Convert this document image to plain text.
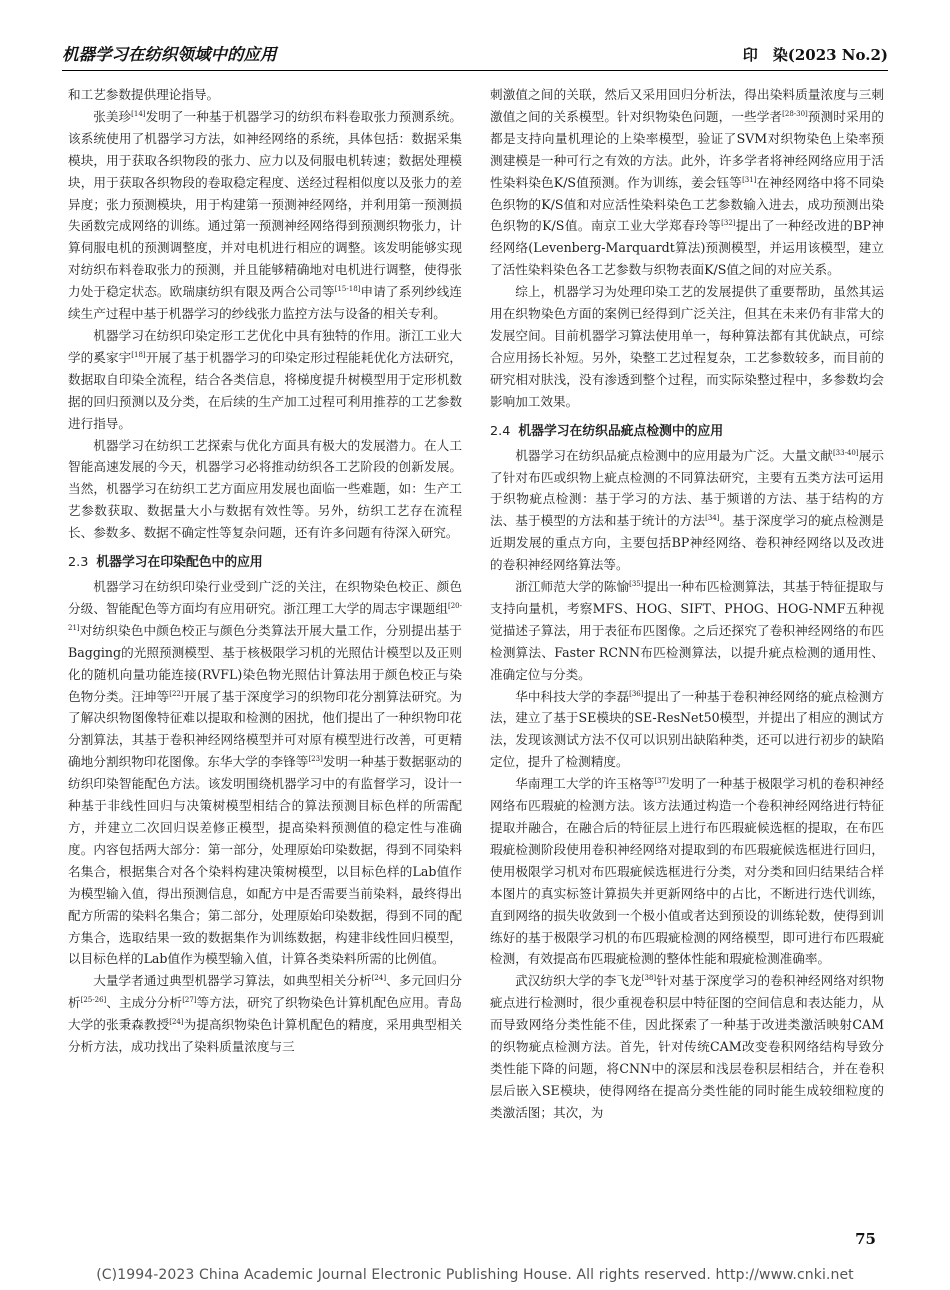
机器学习在纺织领域中的应用	印　染(2023 No.2)

和工艺参数提供理论指导。

张美珍[14]发明了一种基于机器学习的纺织布料卷取张力预测系统。该系统使用了机器学习方法，如神经网络的系统，具体包括：数据采集模块，用于获取各织物段的张力、应力以及伺服电机转速；数据处理模块，用于获取各织物段的卷取稳定程度、送经过程相似度以及张力的差异度；张力预测模块，用于构建第一预测神经网络，并利用第一预测损失函数完成网络的训练。通过第一预测神经网络得到预测织物张力，计算伺服电机的预测调整度，并对电机进行相应的调整。该发明能够实现对纺织布料卷取张力的预测，并且能够精确地对电机进行调整，使得张力处于稳定状态。欧瑞康纺织有限及两合公司等[15-18]申请了系列纱线连续生产过程中基于机器学习的纱线张力监控方法与设备的相关专利。

机器学习在纺织印染定形工艺优化中具有独特的作用。浙江工业大学的奚家宇[18]开展了基于机器学习的印染定形过程能耗优化方法研究，数据取自印染全流程，结合各类信息，将梯度提升树模型用于定形机数据的回归预测以及分类，在后续的生产加工过程可利用推荐的工艺参数进行指导。

机器学习在纺织工艺探索与优化方面具有极大的发展潜力。在人工智能高速发展的今天，机器学习必将推动纺织各工艺阶段的创新发展。当然，机器学习在纺织工艺方面应用发展也面临一些难题，如：生产工艺参数获取、数据量大小与数据有效性等。另外，纺织工艺存在流程长、参数多、数据不确定性等复杂问题，还有许多问题有待深入研究。

2.3 机器学习在印染配色中的应用

机器学习在纺织印染行业受到广泛的关注，在织物染色校正、颜色分级、智能配色等方面均有应用研究。浙江理工大学的周志宇课题组[20-21]对纺织染色中颜色校正与颜色分类算法开展大量工作，分别提出基于Bagging的光照预测模型、基于核极限学习机的光照估计模型以及正则化的随机向量功能连接(RVFL)染色物光照估计算法用于颜色校正与染色物分类。汪坤等[22]开展了基于深度学习的织物印花分割算法研究。为了解决织物图像特征难以提取和检测的困扰，他们提出了一种织物印花分割算法，其基于卷积神经网络模型并可对原有模型进行改善，可更精确地分割织物印花图像。东华大学的李锋等[23]发明一种基于数据驱动的纺织印染智能配色方法。该发明围绕机器学习中的有监督学习，设计一种基于非线性回归与决策树模型相结合的算法预测目标色样的所需配方，并建立二次回归误差修正模型，提高染料预测值的稳定性与准确度。内容包括两大部分：第一部分，处理原始印染数据，得到不同染料名集合，根据集合对各个染料构建决策树模型，以目标色样的Lab值作为模型输入值，得出预测信息，如配方中是否需要当前染料，最终得出配方所需的染料名集合；第二部分，处理原始印染数据，得到不同的配方集合，选取结果一致的数据集作为训练数据，构建非线性回归模型，以目标色样的Lab值作为模型输入值，计算各类染料所需的比例值。

大量学者通过典型机器学习算法，如典型相关分析[24]、多元回归分析[25-26]、主成分分析[27]等方法，研究了织物染色计算机配色应用。青岛大学的张秉森教授[24]为提高织物染色计算机配色的精度，采用典型相关分析方法，成功找出了染料质量浓度与三

刺激值之间的关联，然后又采用回归分析法，得出染料质量浓度与三刺激值之间的关系模型。针对织物染色问题，一些学者[28-30]预测时采用的都是支持向量机理论的上染率模型，验证了SVM对织物染色上染率预测建模是一种可行之有效的方法。此外，许多学者将神经网络应用于活性染料染色K/S值预测。作为训练，姜会钰等[31]在神经网络中将不同染色织物的K/S值和对应活性染料染色工艺参数输入进去，成功预测出染色织物的K/S值。南京工业大学郑春玲等[32]提出了一种经改进的BP神经网络(Levenberg-Marquardt算法)预测模型，并运用该模型，建立了活性染料染色各工艺参数与织物表面K/S值之间的对应关系。

综上，机器学习为处理印染工艺的发展提供了重要帮助，虽然其运用在织物染色方面的案例已经得到广泛关注，但其在未来仍有非常大的发展空间。目前机器学习算法使用单一，每种算法都有其优缺点，可综合应用扬长补短。另外，染整工艺过程复杂，工艺参数较多，而目前的研究相对肤浅，没有渗透到整个过程，而实际染整过程中，多参数均会影响加工效果。

2.4 机器学习在纺织品疵点检测中的应用

机器学习在纺织品疵点检测中的应用最为广泛。大量文献[33-40]展示了针对布匹或织物上疵点检测的不同算法研究，主要有五类方法可运用于织物疵点检测：基于学习的方法、基于频谱的方法、基于结构的方法、基于模型的方法和基于统计的方法[34]。基于深度学习的疵点检测是近期发展的重点方向，主要包括BP神经网络、卷积神经网络以及改进的卷积神经网络算法等。

浙江师范大学的陈愉[35]提出一种布匹检测算法，其基于特征提取与支持向量机，考察MFS、HOG、SIFT、PHOG、HOG-NMF五种视觉描述子算法，用于表征布匹图像。之后还探究了卷积神经网络的布匹检测算法、Faster RCNN布匹检测算法，以提升疵点检测的通用性、准确定位与分类。

华中科技大学的李磊[36]提出了一种基于卷积神经网络的疵点检测方法，建立了基于SE模块的SE-ResNet50模型，并提出了相应的测试方法，发现该测试方法不仅可以识别出缺陷种类，还可以进行初步的缺陷定位，提升了检测精度。

华南理工大学的许玉格等[37]发明了一种基于极限学习机的卷积神经网络布匹瑕疵的检测方法。该方法通过构造一个卷积神经网络进行特征提取并融合，在融合后的特征层上进行布匹瑕疵候选框的提取，在布匹瑕疵检测阶段使用卷积神经网络对提取到的布匹瑕疵候选框进行回归，使用极限学习机对布匹瑕疵候选框进行分类，对分类和回归结果结合样本图片的真实标签计算损失并更新网络中的占比，不断进行迭代训练，直到网络的损失收敛到一个极小值或者达到预设的训练轮数，使得到训练好的基于极限学习机的布匹瑕疵检测的网络模型，即可进行布匹瑕疵检测，有效提高布匹瑕疵检测的整体性能和瑕疵检测准确率。

武汉纺织大学的李飞龙[38]针对基于深度学习的卷积神经网络对织物疵点进行检测时，很少重视卷积层中特征图的空间信息和表达能力，从而导致网络分类性能不佳，因此探索了一种基于改进类激活映射CAM的织物疵点检测方法。首先，针对传统CAM改变卷积网络结构导致分类性能下降的问题，将CNN中的深层和浅层卷积层相结合，并在卷积层后嵌入SE模块，使得网络在提高分类性能的同时能生成较细粒度的类激活图；其次，为

75
(C)1994-2023 China Academic Journal Electronic Publishing House. All rights reserved. http://www.cnki.net
